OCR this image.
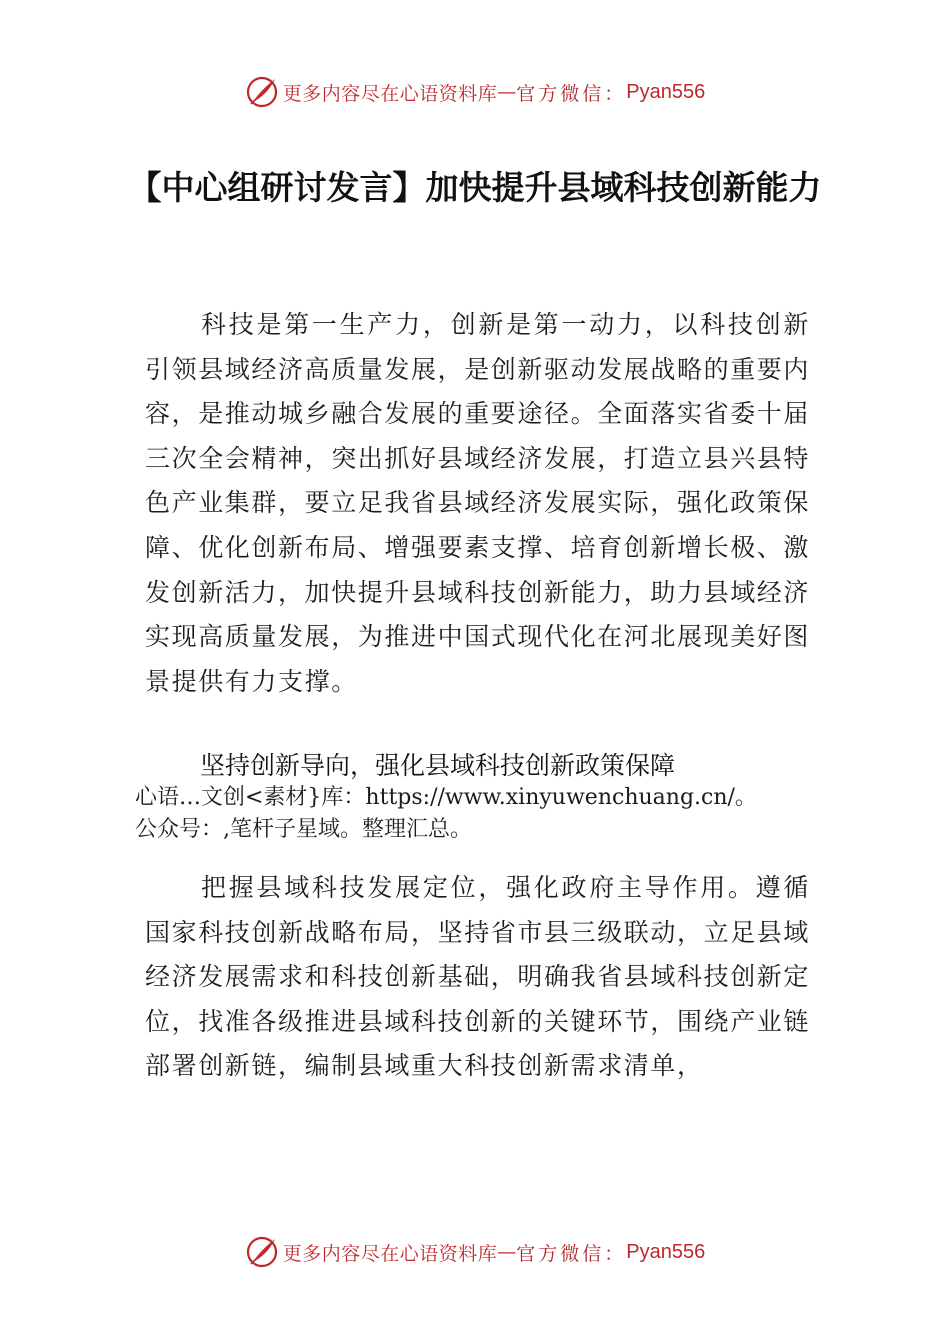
更多内容尽在心语资料库 — 官方微信： Pyan556
【中心组研讨发言】加快提升县域科技创新能力

科技是第一生产力，创新是第一动力，以科技创新引领县域经济高质量发展，是创新驱动发展战略的重要内容，是推动城乡融合发展的重要途径。全面落实省委十届三次全会精神，突出抓好县域经济发展，打造立县兴县特色产业集群，要立足我省县域经济发展实际，强化政策保障、优化创新布局、增强要素支撑、培育创新增长极、激发创新活力，加快提升县域科技创新能力，助力县域经济实现高质量发展，为推进中国式现代化在河北展现美好图景提供有力支撑。

坚持创新导向，强化县域科技创新政策保障

心语…文创<素材}库：https://www.xinyuwenchuang.cn/。

公众号：,笔杆子星域。整理汇总。

把握县域科技发展定位，强化政府主导作用。遵循国家科技创新战略布局，坚持省市县三级联动，立足县域经济发展需求和科技创新基础，明确我省县域科技创新定位，找准各级推进县域科技创新的关键环节，围绕产业链部署创新链，编制县域重大科技创新需求清单，

更多内容尽在心语资料库 — 官方微信： Pyan556
